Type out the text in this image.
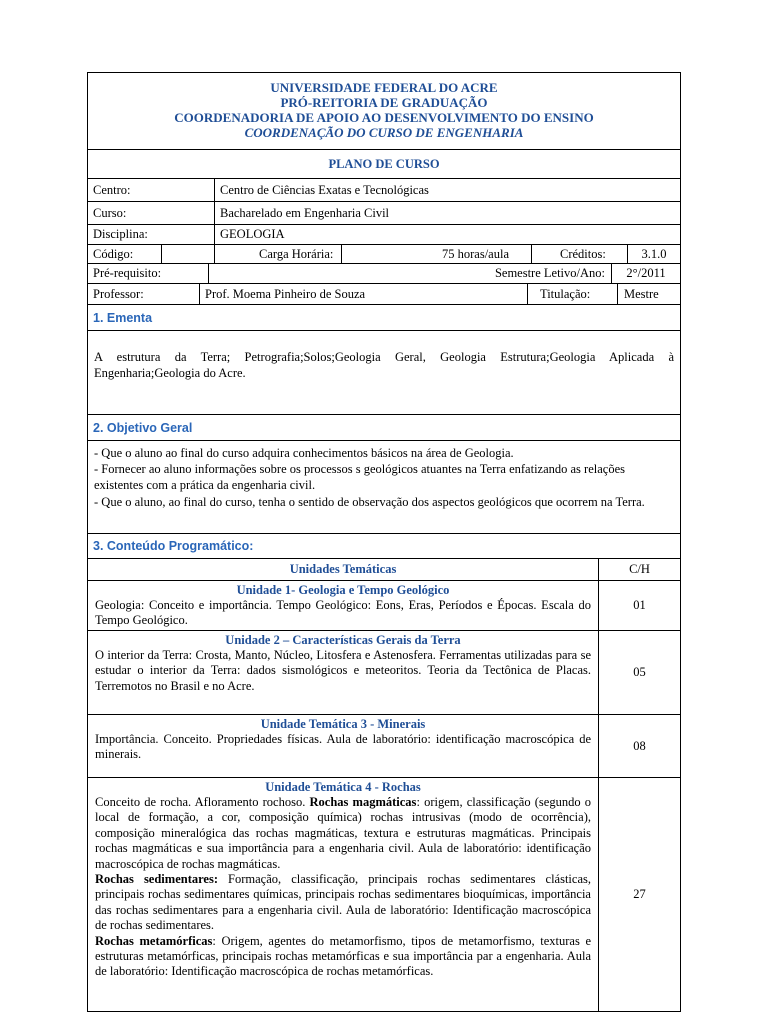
UNIVERSIDADE FEDERAL DO ACRE
PRÓ-REITORIA DE GRADUAÇÃO
COORDENADORIA DE APOIO AO DESENVOLVIMENTO DO ENSINO
COORDENAÇÃO DO CURSO DE ENGENHARIA
PLANO DE CURSO
Centro:	Centro de Ciências Exatas e Tecnológicas
Curso:	Bacharelado em Engenharia Civil
Disciplina:	GEOLOGIA
Código:	Carga Horária:	75 horas/aula	Créditos:	3.1.0
Pré-requisito:	Semestre Letivo/Ano:	2°/2011
Professor:	Prof. Moema Pinheiro de Souza	Titulação:	Mestre
1. Ementa
A estrutura da Terra; Petrografia;Solos;Geologia Geral, Geologia Estrutura;Geologia Aplicada à Engenharia;Geologia do Acre.
2. Objetivo Geral
- Que o aluno ao final do curso adquira conhecimentos básicos na área de Geologia.
- Fornecer ao aluno informações sobre os processos s geológicos atuantes na Terra enfatizando as relações existentes com a prática da engenharia civil.
- Que o aluno, ao final do curso, tenha o sentido de observação dos aspectos geológicos que ocorrem na Terra.
3. Conteúdo Programático:
Unidades Temáticas	C/H
Unidade 1- Geologia e Tempo Geológico
Geologia: Conceito e importância. Tempo Geológico: Eons, Eras, Períodos e Épocas. Escala do Tempo Geológico.
01
Unidade 2 – Características Gerais da Terra
O interior da Terra: Crosta, Manto, Núcleo, Litosfera e Astenosfera. Ferramentas utilizadas para se estudar o interior da Terra: dados sismológicos e meteoritos. Teoria da Tectônica de Placas. Terremotos no Brasil e no Acre.
05
Unidade Temática 3 - Minerais
Importância. Conceito. Propriedades físicas. Aula de laboratório: identificação macroscópica de minerais.
08
Unidade Temática 4 - Rochas
Conceito de rocha. Afloramento rochoso. Rochas magmáticas: origem, classificação (segundo o local de formação, a cor, composição química) rochas intrusivas (modo de ocorrência), composição mineralógica das rochas magmáticas, textura e estruturas magmáticas. Principais rochas magmáticas e sua importância para a engenharia civil. Aula de laboratório: identificação macroscópica de rochas magmáticas.
Rochas sedimentares: Formação, classificação, principais rochas sedimentares clásticas, principais rochas sedimentares químicas, principais rochas sedimentares bioquímicas, importância das rochas sedimentares para a engenharia civil. Aula de laboratório: Identificação macroscópica de rochas sedimentares.
Rochas metamórficas: Origem, agentes do metamorfismo, tipos de metamorfismo, texturas e estruturas metamórficas, principais rochas metamórficas e sua importância par a engenharia. Aula de laboratório: Identificação macroscópica de rochas metamórficas.
27
